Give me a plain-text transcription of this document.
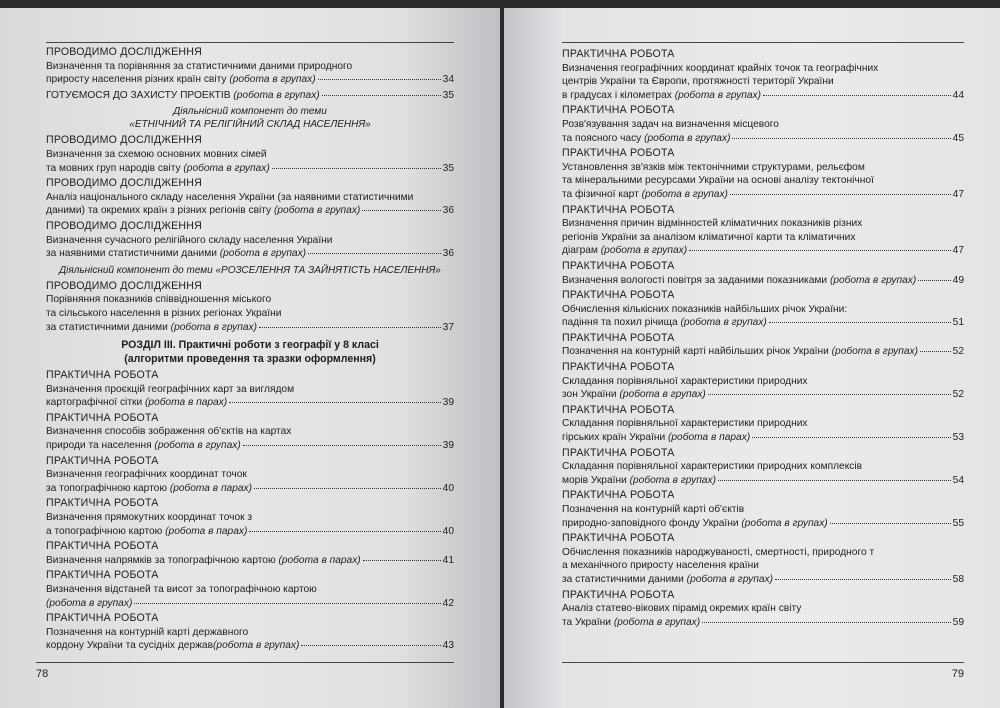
ПРОВОДИМО ДОСЛІДЖЕННЯ
Визначення та порівняння за статистичними даними природного
приросту населення різних країн світу (робота в групах)	34
ГОТУЄМОСЯ ДО ЗАХИСТУ ПРОЕКТІВ (робота в групах)	35
Діяльнісний компонент до теми
«ЕТНІЧНИЙ ТА РЕЛІГІЙНИЙ СКЛАД НАСЕЛЕННЯ»
ПРОВОДИМО ДОСЛІДЖЕННЯ
Визначення за схемою основних мовних сімей
та мовних груп народів світу (робота в групах)	35
ПРОВОДИМО ДОСЛІДЖЕННЯ
Аналіз національного складу населення України (за наявними статистичними
даними) та окремих країн з різних регіонів світу (робота в групах)	36
ПРОВОДИМО ДОСЛІДЖЕННЯ
Визначення сучасного релігійного складу населення України
за наявними статистичними даними (робота в групах)	36
Діяльнісний компонент до теми «РОЗСЕЛЕННЯ ТА ЗАЙНЯТІСТЬ НАСЕЛЕННЯ»
ПРОВОДИМО ДОСЛІДЖЕННЯ
Порівняння показників співвідношення міського
та сільського населення в різних регіонах України
за статистичними даними (робота в групах)	37
РОЗДІЛ III. Практичні роботи з географії у 8 класі
(алгоритми проведення та зразки оформлення)
ПРАКТИЧНА РОБОТА
Визначення проєкцій географічних карт за виглядом
картографічної сітки (робота в парах)	39
ПРАКТИЧНА РОБОТА
Визначення способів зображення об'єктів на картах
природи та населення (робота в групах)	39
ПРАКТИЧНА РОБОТА
Визначення географічних координат точок
за топографічною картою (робота в парах)	40
ПРАКТИЧНА РОБОТА
Визначення прямокутних координат точок з
а топографічною картою (робота в парах)	40
ПРАКТИЧНА РОБОТА
Визначення напрямків за топографічною картою (робота в парах)	41
ПРАКТИЧНА РОБОТА
Визначення відстаней та висот за топографічною картою
(робота в групах)	42
ПРАКТИЧНА РОБОТА
Позначення на контурній карті державного
кордону України та сусідніх держав(робота в групах)	43
78
ПРАКТИЧНА РОБОТА
Визначення географічних координат крайніх точок та географічних
центрів України та Європи, протяжності території України
в градусах і кілометрах (робота в групах)	44
ПРАКТИЧНА РОБОТА
Розв'язування задач на визначення місцевого
та поясного часу (робота в групах)	45
ПРАКТИЧНА РОБОТА
Установлення зв'язків між тектонічними структурами, рельєфом
та мінеральними ресурсами України на основі аналізу тектонічної
та фізичної карт (робота в групах)	47
ПРАКТИЧНА РОБОТА
Визначення причин відмінностей кліматичних показників різних
регіонів України за аналізом кліматичної карти та кліматичних
діаграм (робота в групах)	47
ПРАКТИЧНА РОБОТА
Визначення вологості повітря за заданими показниками (робота в групах)	49
ПРАКТИЧНА РОБОТА
Обчислення кількісних показників найбільших річок України:
падіння та похил річища (робота в групах)	51
ПРАКТИЧНА РОБОТА
Позначення на контурній карті найбільших річок України (робота в групах)	52
ПРАКТИЧНА РОБОТА
Складання порівняльної характеристики природних
зон України (робота в групах)	52
ПРАКТИЧНА РОБОТА
Складання порівняльної характеристики природних
гірських країн України (робота в парах)	53
ПРАКТИЧНА РОБОТА
Складання порівняльної характеристики природних комплексів
морів України (робота в групах)	54
ПРАКТИЧНА РОБОТА
Позначення на контурній карті об'єктів
природно-заповідного фонду України (робота в групах)	55
ПРАКТИЧНА РОБОТА
Обчислення показників народжуваності, смертності, природного т
а механічного приросту населення країни
за статистичними даними (робота в групах)	58
ПРАКТИЧНА РОБОТА
Аналіз статево-вікових пірамід окремих країн світу
та України (робота в групах)	59
79
